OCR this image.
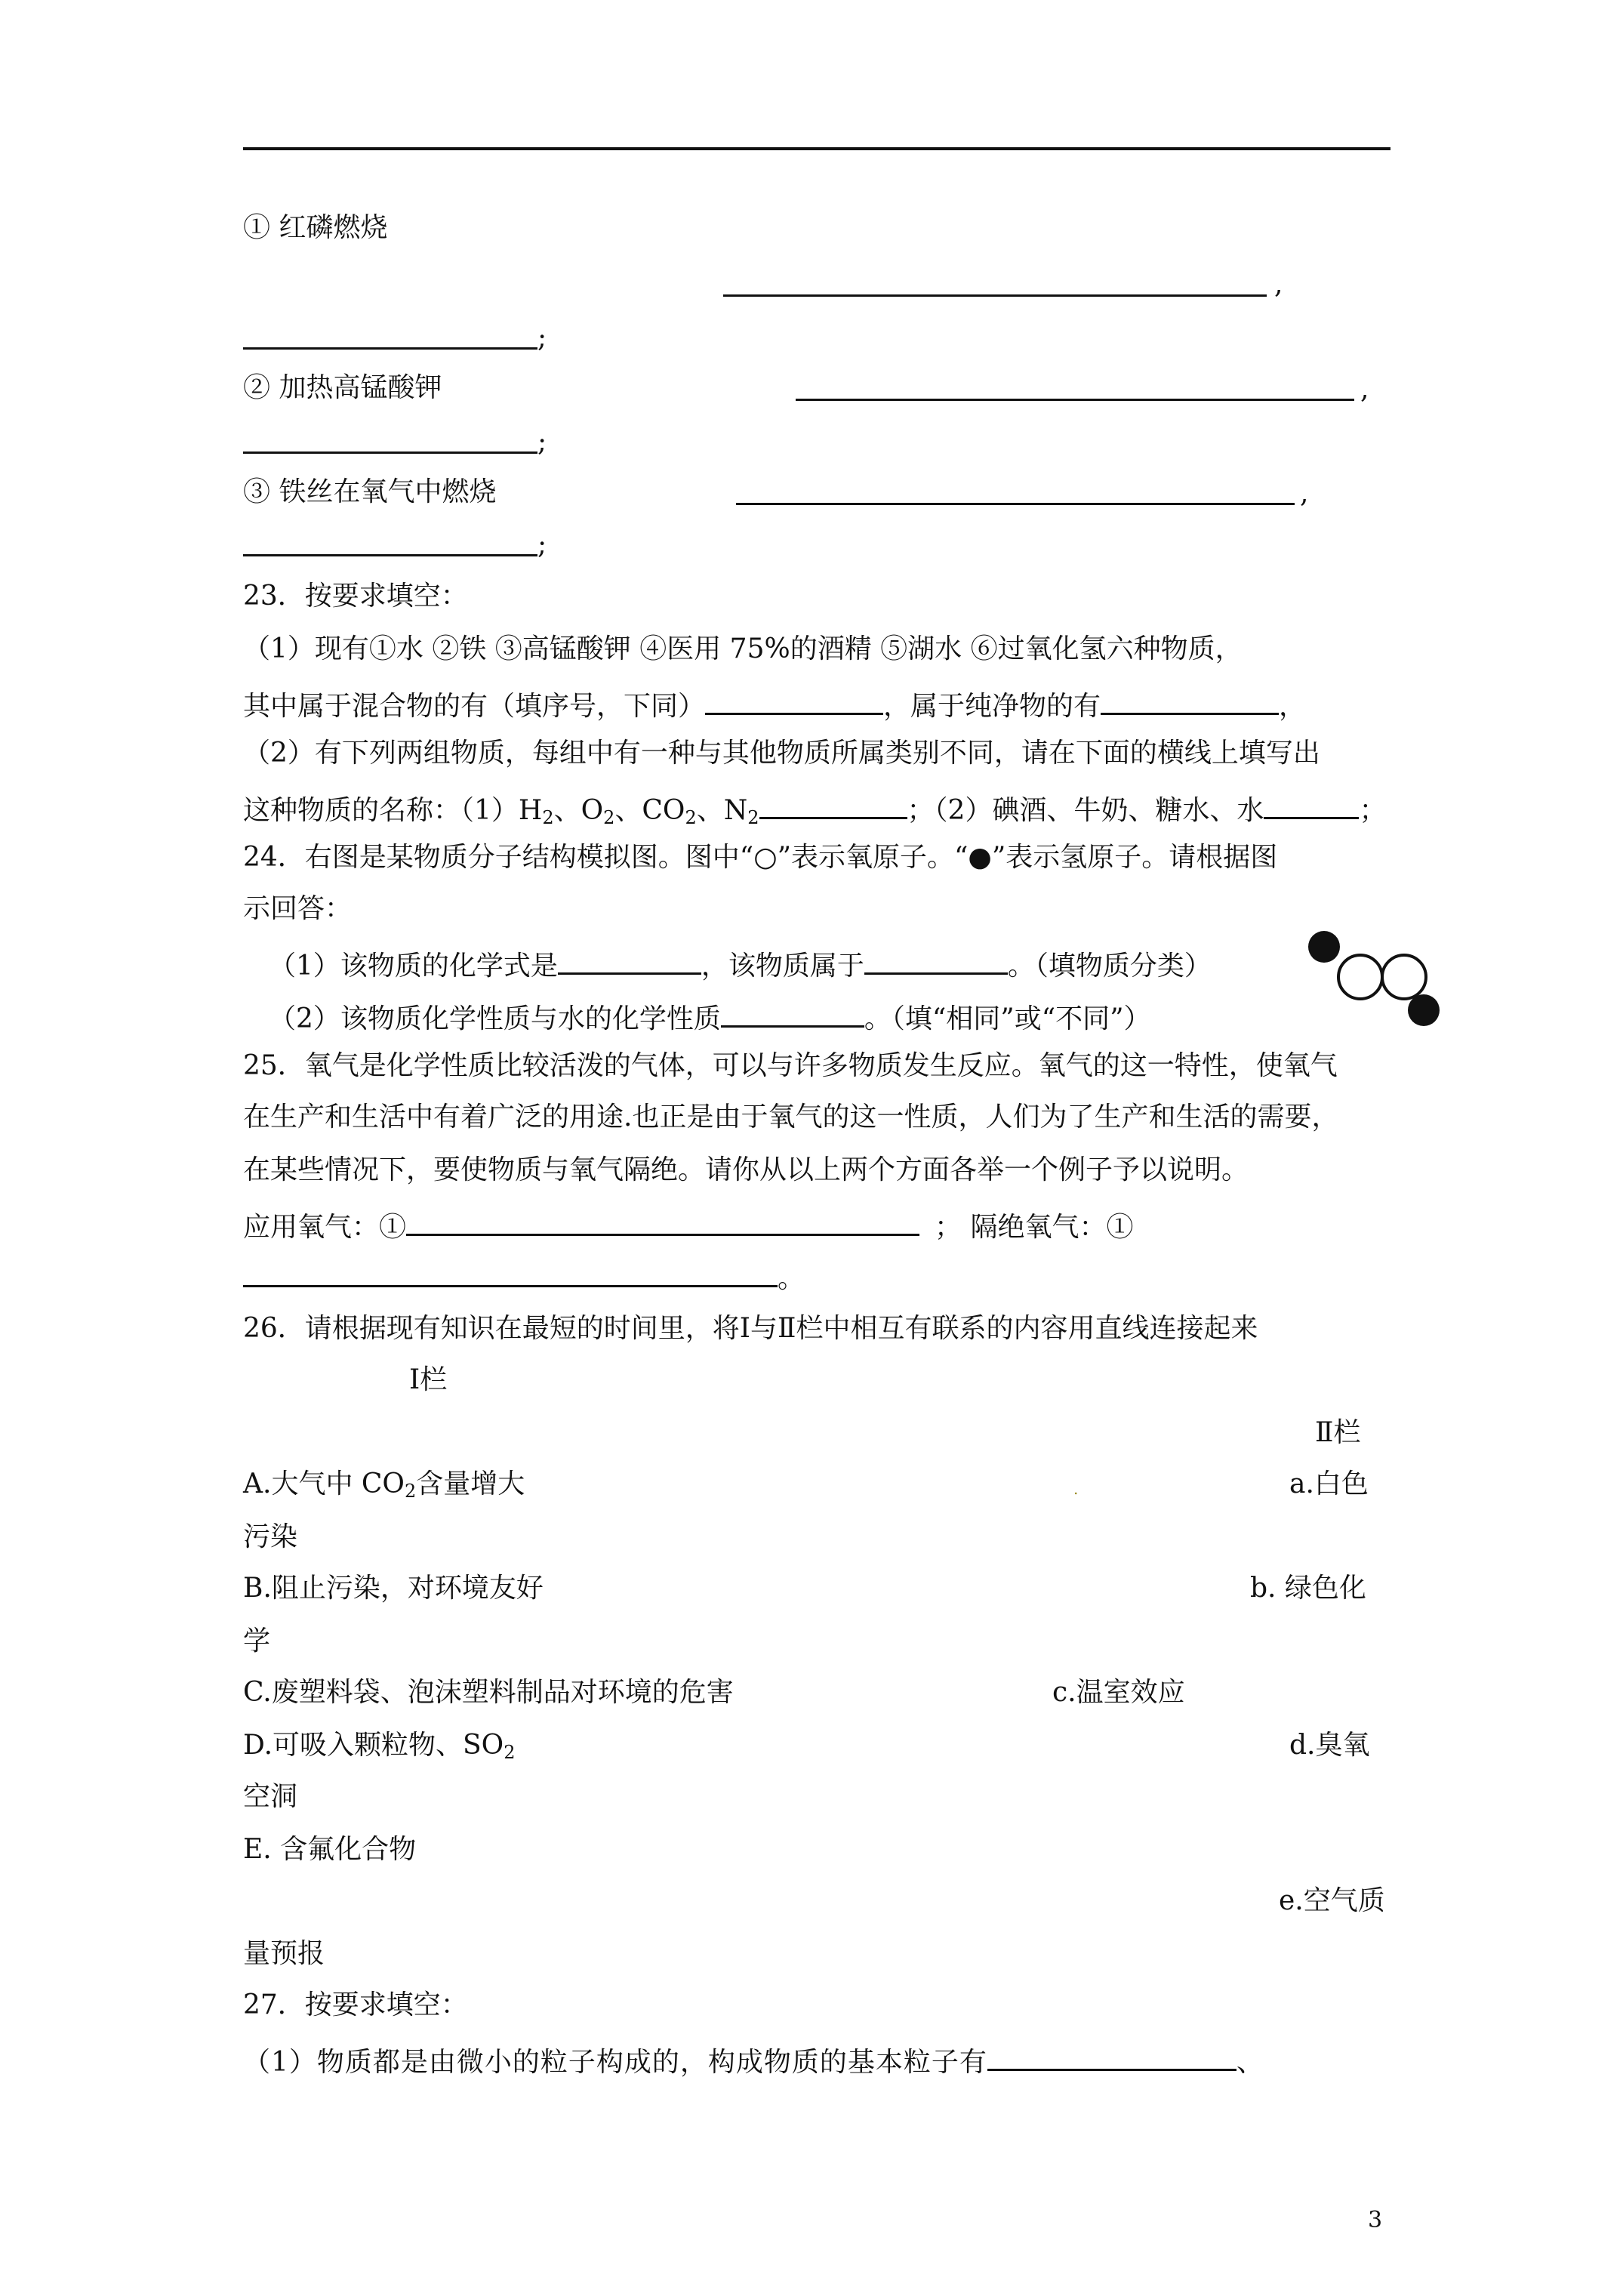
① 红磷燃烧
,
;
② 加热高锰酸钾	,
;
③ 铁丝在氧气中燃烧	,
;
23．按要求填空：
（1）现有①水 ②铁 ③高锰酸钾 ④医用 75%的酒精 ⑤湖水 ⑥过氧化氢六种物质，
其中属于混合物的有（填序号，下同）	，属于纯净物的有	，
（2）有下列两组物质，每组中有一种与其他物质所属类别不同，请在下面的横线上填写出
这种物质的名称：$(1)H_2$、$O_2$、$CO_2$、$N_2$	；（2）碘酒、牛奶、糖水、水	；
24．右图是某物质分子结构模拟图。图中“○”表示氧原子。“●”表示氢原子。请根据图
示回答：
（1）该物质的化学式是	，该物质属于	。（填物质分类）
（2）该物质化学性质与水的化学性质	。（填“相同”或“不同”）
25．氧气是化学性质比较活泼的气体，可以与许多物质发生反应。氧气的这一特性，使氧气
在生产和生活中有着广泛的用途.也正是由于氧气的这一性质，人们为了生产和生活的需要，
在某些情况下，要使物质与氧气隔绝。请你从以上两个方面各举一个例子予以说明。
应用氧气：①	； 隔绝氧气：①
。
26．请根据现有知识在最短的时间里，将Ⅰ与Ⅱ栏中相互有联系的内容用直线连接起来
Ⅰ栏
Ⅱ栏
A.大气中 $CO_2$含量增大	.	a.白色
污染
B.阻止污染，对环境友好	b. 绿色化
学
C.废塑料袋、泡沫塑料制品对环境的危害	c.温室效应
D.可吸入颗粒物、$SO_2$	d.臭氧
空洞
E. 含氟化合物
e.空气质
量预报
27．按要求填空：
（1）物质都是由微小的粒子构成的，构成物质的基本粒子有	、
3
